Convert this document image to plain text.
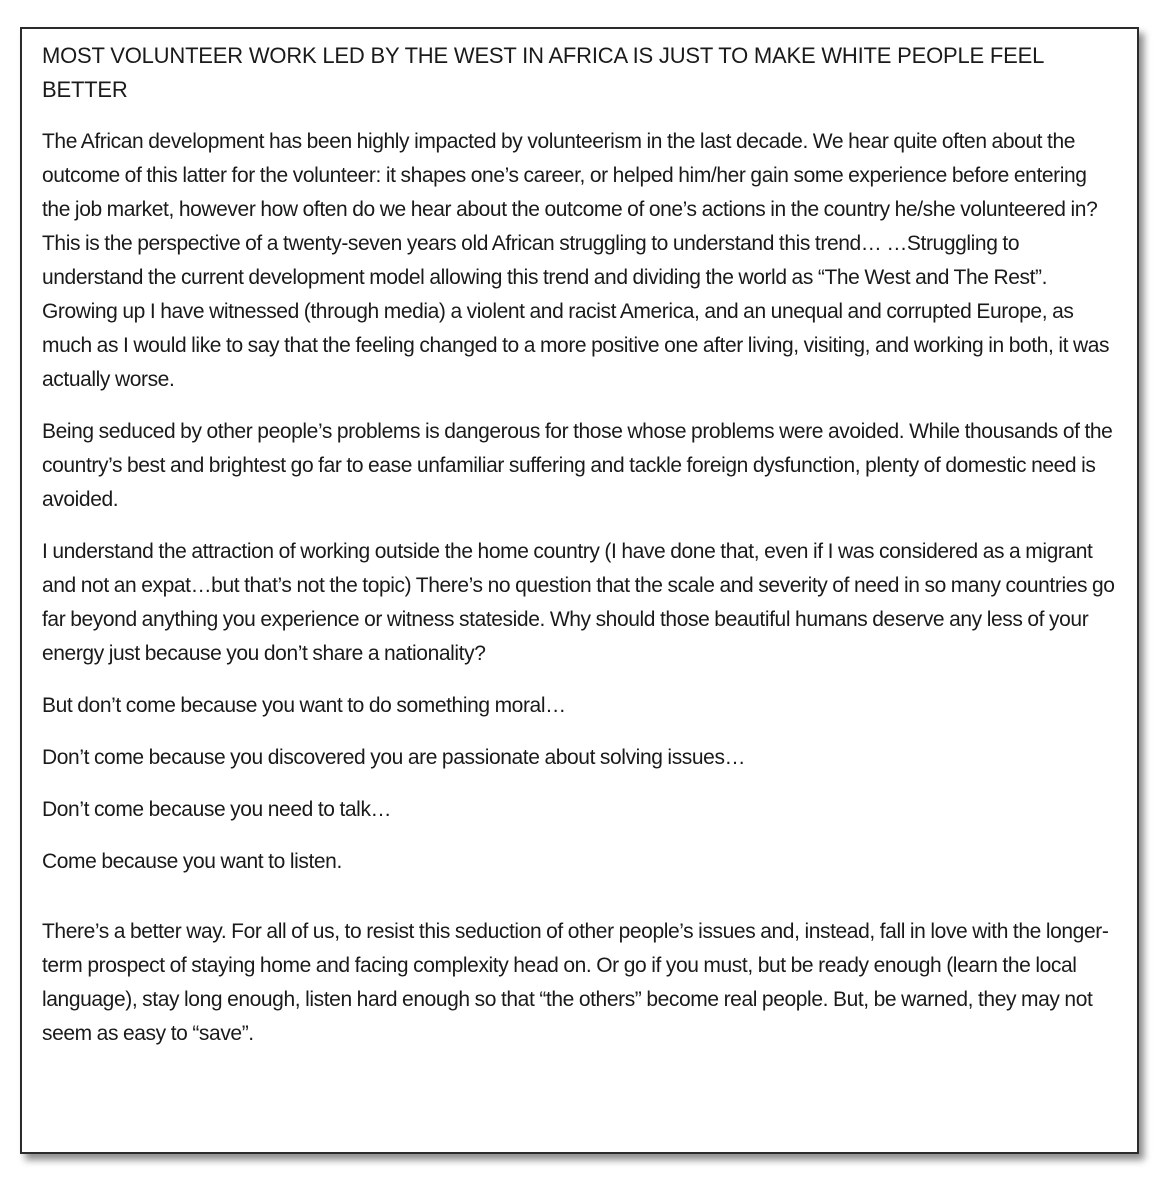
MOST VOLUNTEER WORK LED BY THE WEST IN AFRICA IS JUST TO MAKE WHITE PEOPLE FEEL BETTER

The African development has been highly impacted by volunteerism in the last decade. We hear quite often about the outcome of this latter for the volunteer: it shapes one’s career, or helped him/her gain some experience before entering the job market, however how often do we hear about the outcome of one’s actions in the country he/she volunteered in? This is the perspective of a twenty-seven years old African struggling to understand this trend… …Struggling to understand the current development model allowing this trend and dividing the world as “The West and The Rest”. Growing up I have witnessed (through media) a violent and racist America, and an unequal and corrupted Europe, as much as I would like to say that the feeling changed to a more positive one after living, visiting, and working in both, it was actually worse.

Being seduced by other people’s problems is dangerous for those whose problems were avoided. While thousands of the country’s best and brightest go far to ease unfamiliar suffering and tackle foreign dysfunction, plenty of domestic need is avoided.

I understand the attraction of working outside the home country (I have done that, even if I was considered as a migrant and not an expat…but that’s not the topic) There’s no question that the scale and severity of need in so many countries go far beyond anything you experience or witness stateside. Why should those beautiful humans deserve any less of your energy just because you don’t share a nationality?

But don’t come because you want to do something moral…

Don’t come because you discovered you are passionate about solving issues…

Don’t come because you need to talk…

Come because you want to listen.

There’s a better way. For all of us, to resist this seduction of other people’s issues and, instead, fall in love with the longer-term prospect of staying home and facing complexity head on. Or go if you must, but be ready enough (learn the local language), stay long enough, listen hard enough so that “the others” become real people. But, be warned, they may not seem as easy to “save”.
